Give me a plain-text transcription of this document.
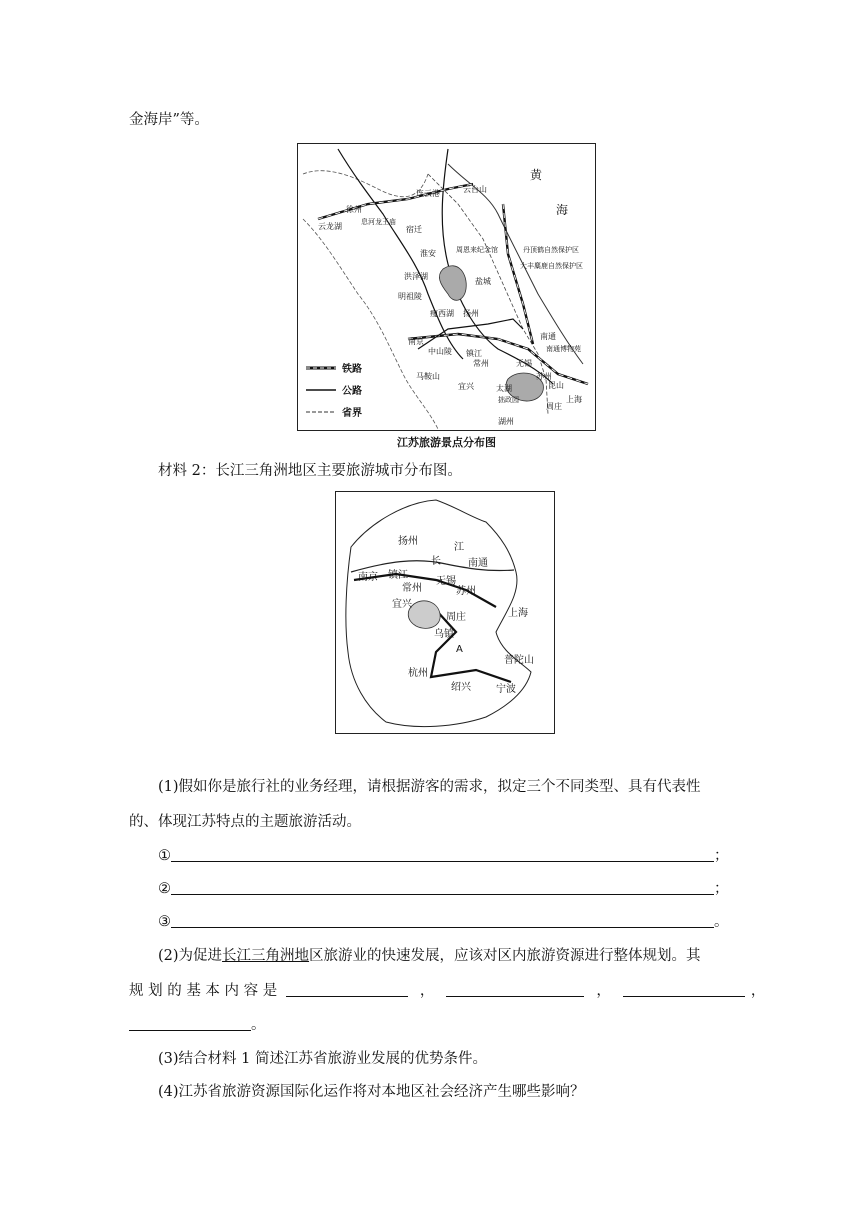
金海岸”等。
黄
海
连云港	云台山
徐州
息河龙王庙
云龙湖	宿迁
淮安	周恩来纪念馆	丹顶鹤自然保护区
大丰麋鹿自然保护区
洪泽湖
盐城
明祖陵
瘦西湖 扬州
南京
中山陵 镇江
常州
南通
南通博物苑
马鞍山
无锡
苏州
昆山
宜兴	太湖
拙政园
周庄
上海
湖州
铁路
公路
省界
江苏旅游景点分布图
材料 2：长江三角洲地区主要旅游城市分布图。
扬州
长
江
南通
南京 镇江
常州
无锡
苏州
宜兴
上海
周庄
乌镇
A
普陀山
杭州
绍兴	宁波
(1)假如你是旅行社的业务经理，请根据游客的需求，拟定三个不同类型、具有代表性
的、体现江苏特点的主题旅游活动。
①	；
②	；
③	。
(2)为促进长江三角洲地区旅游业的快速发展，应该对区内旅游资源进行整体规划。其
规 划 的 基 本 内 容 是	，	，	，
。
(3)结合材料 1 简述江苏省旅游业发展的优势条件。
(4)江苏省旅游资源国际化运作将对本地区社会经济产生哪些影响？
